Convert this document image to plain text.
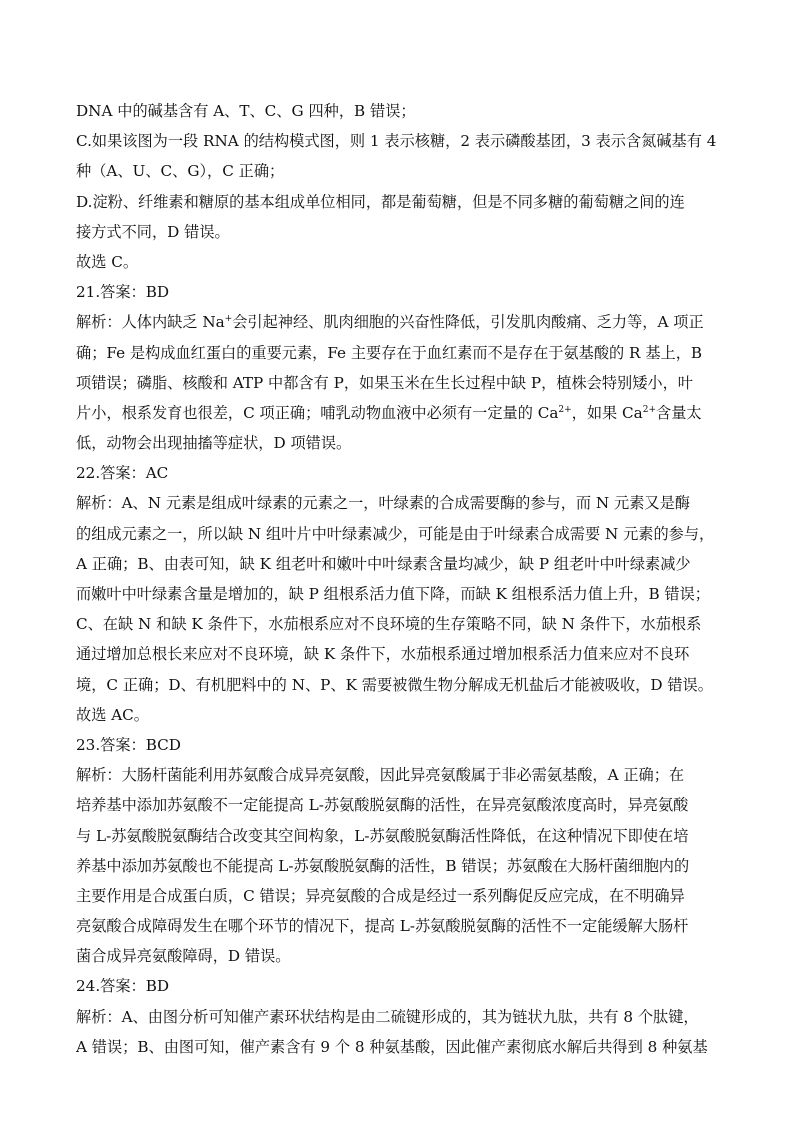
DNA 中的碱基含有 A、T、C、G 四种，B 错误；
C.如果该图为一段 RNA 的结构模式图，则 1 表示核糖，2 表示磷酸基团，3 表示含氮碱基有 4
种（A、U、C、G），C 正确；
D.淀粉、纤维素和糖原的基本组成单位相同，都是葡萄糖，但是不同多糖的葡萄糖之间的连
接方式不同，D 错误。
故选 C。
21.答案：BD
解析：人体内缺乏 Na+会引起神经、肌肉细胞的兴奋性降低，引发肌肉酸痛、乏力等，A 项正
确；Fe 是构成血红蛋白的重要元素，Fe 主要存在于血红素而不是存在于氨基酸的 R 基上，B
项错误；磷脂、核酸和 ATP 中都含有 P，如果玉米在生长过程中缺 P，植株会特别矮小，叶
片小，根系发育也很差，C 项正确；哺乳动物血液中必须有一定量的 $Ca^{2+}$，如果 $Ca^{2+}$含量太
低，动物会出现抽搐等症状，D 项错误。
22.答案：AC
解析：A、N 元素是组成叶绿素的元素之一，叶绿素的合成需要酶的参与，而 N 元素又是酶
的组成元素之一，所以缺 N 组叶片中叶绿素减少，可能是由于叶绿素合成需要 N 元素的参与，
A 正确；B、由表可知，缺 K 组老叶和嫩叶中叶绿素含量均减少，缺 P 组老叶中叶绿素减少
而嫩叶中叶绿素含量是增加的，缺 P 组根系活力值下降，而缺 K 组根系活力值上升，B 错误；
C、在缺 N 和缺 K 条件下，水茄根系应对不良环境的生存策略不同，缺 N 条件下，水茄根系
通过增加总根长来应对不良环境，缺 K 条件下，水茄根系通过增加根系活力值来应对不良环
境，C 正确；D、有机肥料中的 N、P、K 需要被微生物分解成无机盐后才能被吸收，D 错误。
故选 AC。
23.答案：BCD
解析：大肠杆菌能利用苏氨酸合成异亮氨酸，因此异亮氨酸属于非必需氨基酸，A 正确；在
培养基中添加苏氨酸不一定能提高 L-苏氨酸脱氨酶的活性，在异亮氨酸浓度高时，异亮氨酸
与 L-苏氨酸脱氨酶结合改变其空间构象，L-苏氨酸脱氨酶活性降低，在这种情况下即使在培
养基中添加苏氨酸也不能提高 L-苏氨酸脱氨酶的活性，B 错误；苏氨酸在大肠杆菌细胞内的
主要作用是合成蛋白质，C 错误；异亮氨酸的合成是经过一系列酶促反应完成，在不明确异
亮氨酸合成障碍发生在哪个环节的情况下，提高 L-苏氨酸脱氨酶的活性不一定能缓解大肠杆
菌合成异亮氨酸障碍，D 错误。
24.答案：BD
解析：A、由图分析可知催产素环状结构是由二硫键形成的，其为链状九肽，共有 8 个肽键，
A 错误；B、由图可知，催产素含有 9 个 8 种氨基酸，因此催产素彻底水解后共得到 8 种氨基
